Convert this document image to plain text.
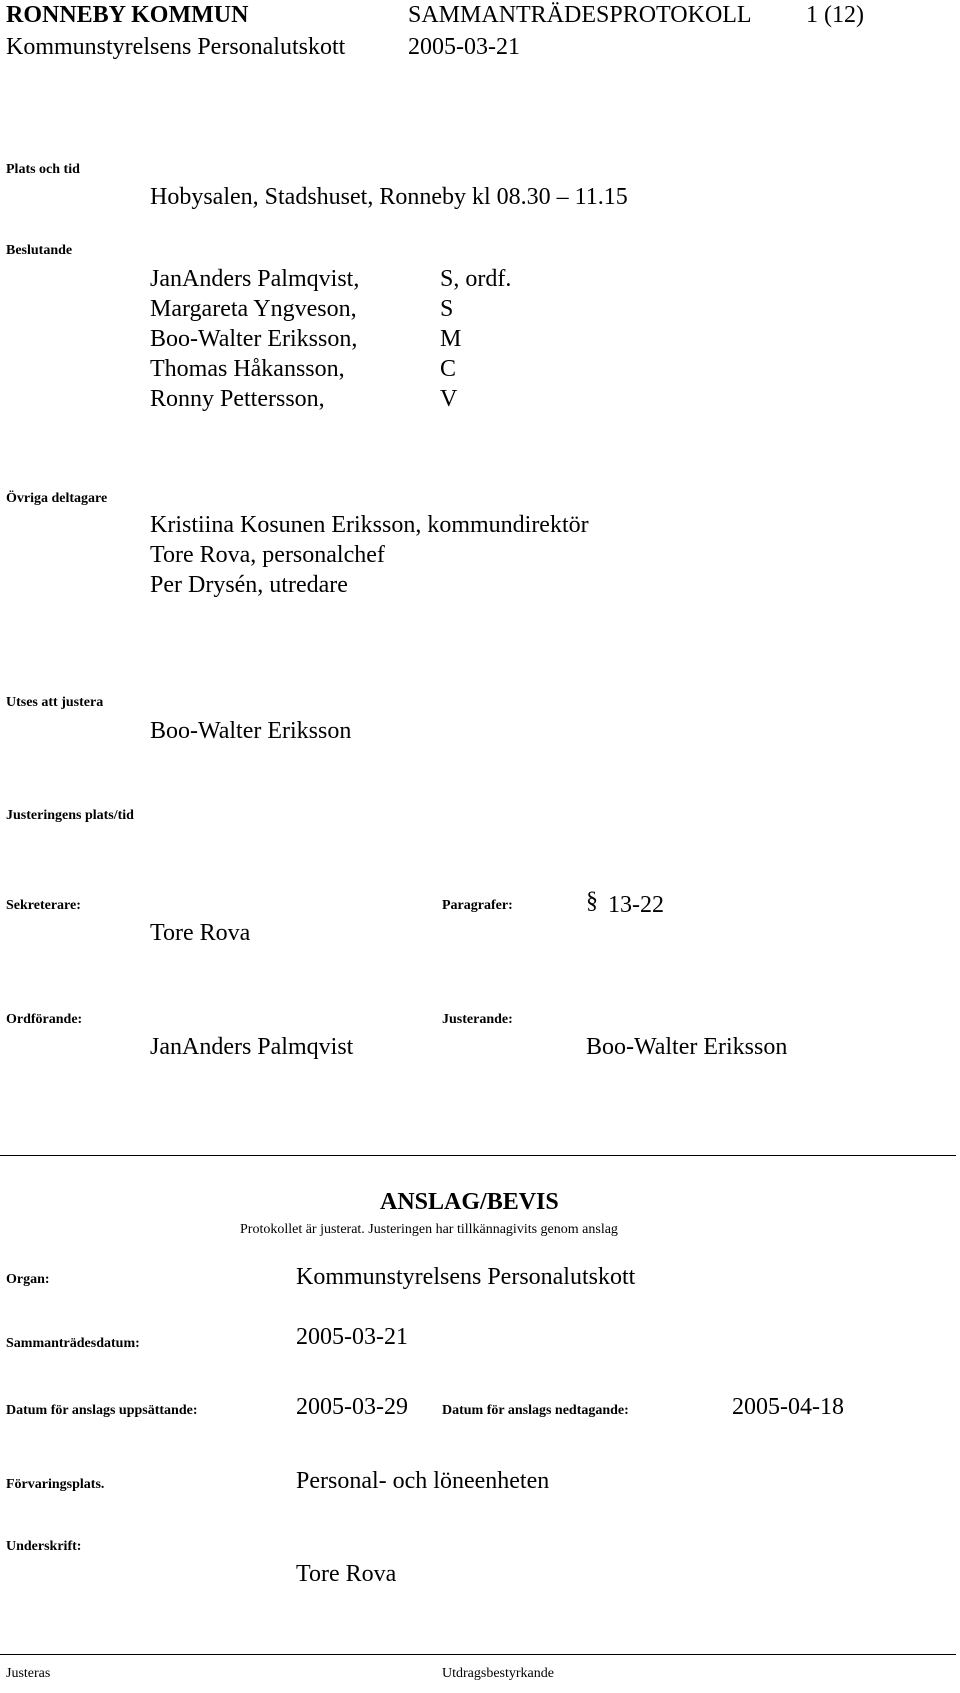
RONNEBY KOMMUN	SAMMANTRÄDESPROTOKOLL 1 (12)
Kommunstyrelsens Personalutskott	2005-03-21
Plats och tid
Hobysalen, Stadshuset, Ronneby kl 08.30 – 11.15
Beslutande
JanAnders Palmqvist,	S, ordf.
Margareta Yngveson,	S
Boo-Walter Eriksson,	M
Thomas Håkansson,	C
Ronny Pettersson,	V
Övriga deltagare
Kristiina Kosunen Eriksson, kommundirektör
Tore Rova, personalchef
Per Drysén, utredare
Utses att justera
Boo-Walter Eriksson
Justeringens plats/tid
Sekreterare:
Tore Rova
Paragrafer:	§ 13-22
Ordförande:
JanAnders Palmqvist
Justerande:
Boo-Walter Eriksson
ANSLAG/BEVIS
Protokollet är justerat. Justeringen har tillkännagivits genom anslag
Organ:	Kommunstyrelsens Personalutskott
Sammanträdesdatum:	2005-03-21
Datum för anslags uppsättande:	2005-03-29 Datum för anslags nedtagande:	2005-04-18
Förvaringsplats.	Personal- och löneenheten
Underskrift:
Tore Rova
Justeras	Utdragsbestyrkande
